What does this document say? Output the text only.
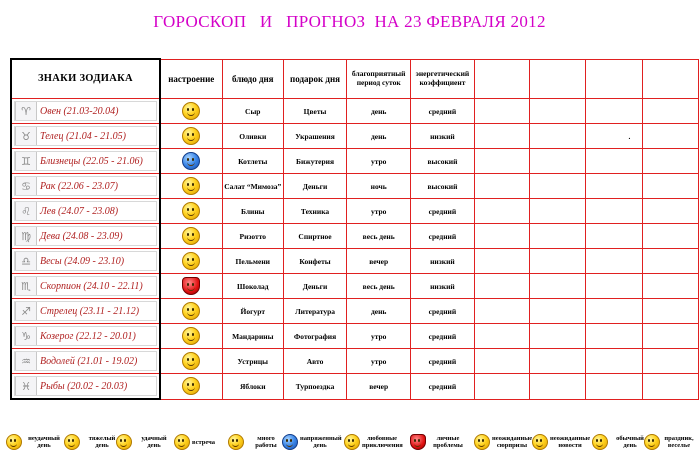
ГОРОСКОП   И   ПРОГНОЗ  НА 23 ФЕВРАЛЯ 2012
ЗНАКИ ЗОДИАКА	настроение	блюдо дня	подарок дня	благоприятный период суток	энергетический коэффициент				

♈ Овен (21.03-20.04)		Сыр	Цветы	день	средний				

♉ Телец (21.04 - 21.05)		Оливки	Украшения	день	низкий			.	

♊ Близнецы (22.05 - 21.06)		Котлеты	Бижутерия	утро	высокий				

♋ Рак (22.06 - 23.07)		Салат “Мимоза”	Деньги	ночь	высокий				

♌ Лев (24.07 - 23.08)		Блины	Техника	утро	средний				

♍ Дева (24.08 - 23.09)		Ризотто	Спиртное	весь день	средний				

♎ Весы (24.09 - 23.10)		Пельмени	Конфеты	вечер	низкий				

♏ Скорпион (24.10 - 22.11)		Шоколад	Деньги	весь день	низкий				

♐ Стрелец (23.11 - 21.12)		Йогурт	Литература	день	средний				

♑ Козерог (22.12 - 20.01)		Мандарины	Фотография	утро	средний				

♒ Водолей (21.01 - 19.02)		Устрицы	Авто	утро	средний				

♓ Рыбы (20.02 - 20.03)		Яблоки	Турпоездка	вечер	средний				
неудачный день
тяжелый день
удачный день	встреча	много работы
напряженный день
любовные приключения
личные проблемы
неожиданные сюрпризы
неожиданные новости
обычный день
праздник, веселье
